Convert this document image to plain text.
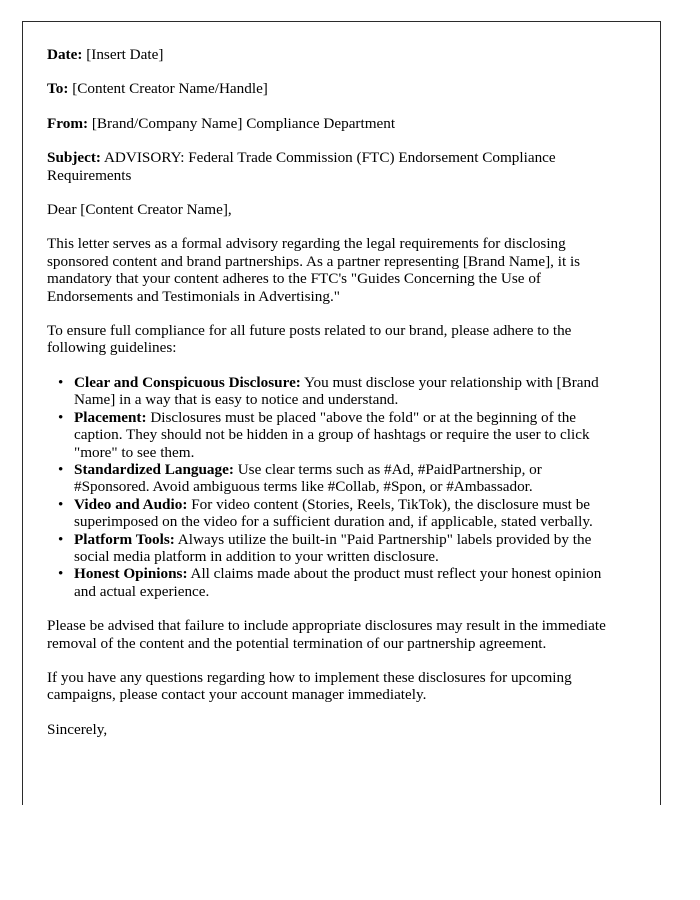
Date: [Insert Date]
To: [Content Creator Name/Handle]
From: [Brand/Company Name] Compliance Department
Subject: ADVISORY: Federal Trade Commission (FTC) Endorsement Compliance Requirements
Dear [Content Creator Name],
This letter serves as a formal advisory regarding the legal requirements for disclosing sponsored content and brand partnerships. As a partner representing [Brand Name], it is mandatory that your content adheres to the FTC's "Guides Concerning the Use of Endorsements and Testimonials in Advertising."
To ensure full compliance for all future posts related to our brand, please adhere to the following guidelines:
• Clear and Conspicuous Disclosure: You must disclose your relationship with [Brand Name] in a way that is easy to notice and understand.
• Placement: Disclosures must be placed "above the fold" or at the beginning of the caption. They should not be hidden in a group of hashtags or require the user to click "more" to see them.
• Standardized Language: Use clear terms such as #Ad, #PaidPartnership, or #Sponsored. Avoid ambiguous terms like #Collab, #Spon, or #Ambassador.
• Video and Audio: For video content (Stories, Reels, TikTok), the disclosure must be superimposed on the video for a sufficient duration and, if applicable, stated verbally.
• Platform Tools: Always utilize the built-in "Paid Partnership" labels provided by the social media platform in addition to your written disclosure.
• Honest Opinions: All claims made about the product must reflect your honest opinion and actual experience.
Please be advised that failure to include appropriate disclosures may result in the immediate removal of the content and the potential termination of our partnership agreement.
If you have any questions regarding how to implement these disclosures for upcoming campaigns, please contact your account manager immediately.
Sincerely,
